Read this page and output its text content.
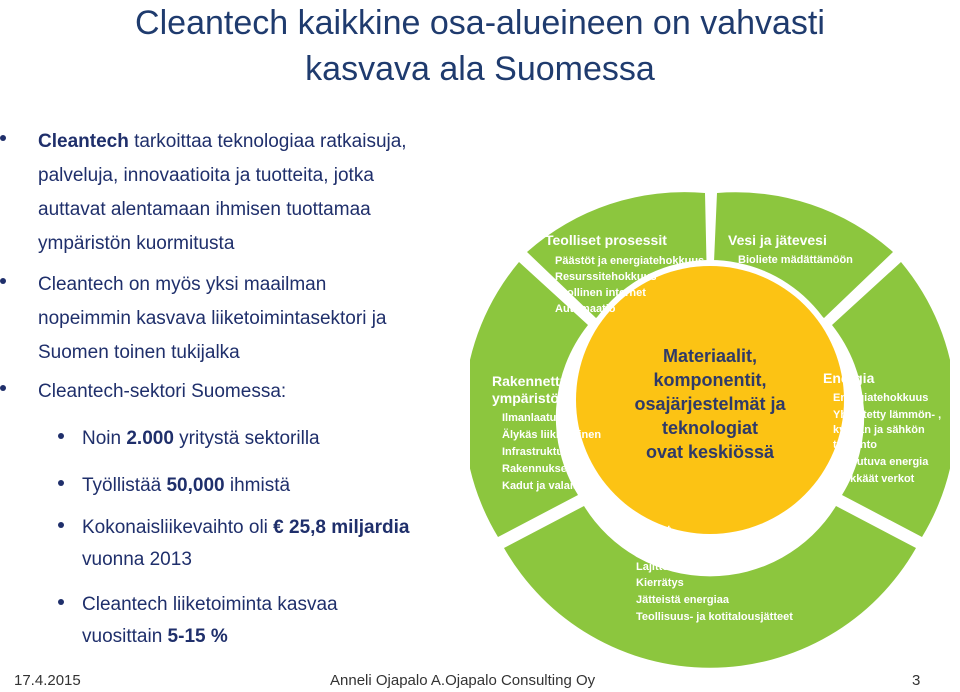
Cleantech kaikkine osa-alueineen on vahvasti
kasvava ala Suomessa
Cleantech tarkoittaa teknologiaa ratkaisuja,
palveluja, innovaatioita ja tuotteita, jotka
auttavat alentamaan ihmisen tuottamaa
ympäristön kuormitusta
Cleantech on myös yksi maailman
nopeimmin kasvava liiketoimintasektori ja
Suomen toinen tukijalka
Cleantech-sektori Suomessa:
Noin 2.000 yritystä sektorilla
Työllistää 50,000 ihmistä
Kokonaisliikevaihto oli € 25,8 miljardia
vuonna 2013
Cleantech liiketoiminta kasvaa
vuosittain 5-15 %
Teolliset prosessit
Päästöt ja energiatehokkuus
Resurssitehokkuus
Teollinen internet
Automaatio
Vesi ja jätevesi
Bioliete mädättämöön
Energia
Energiatehokkuus
Yhdistetty lämmön- ,
kylmän ja sähkön
tuotanto
Uusiutuva energia
Älykkäät verkot
Jätteet
Jätehallinta
Lajittelu
Kierrätys
Jätteistä energiaa
Teollisuus- ja kotitalousjätteet
Rakennettu
ympäristö
Ilmanlaatu
Älykäs liikkuminen
Infrastruktuuri
Rakennukset
Kadut ja valaistus
Materiaalit,
komponentit,
osajärjestelmät ja
teknologiat
ovat keskiössä
17.4.2015	Anneli Ojapalo A.Ojapalo Consulting Oy	3
